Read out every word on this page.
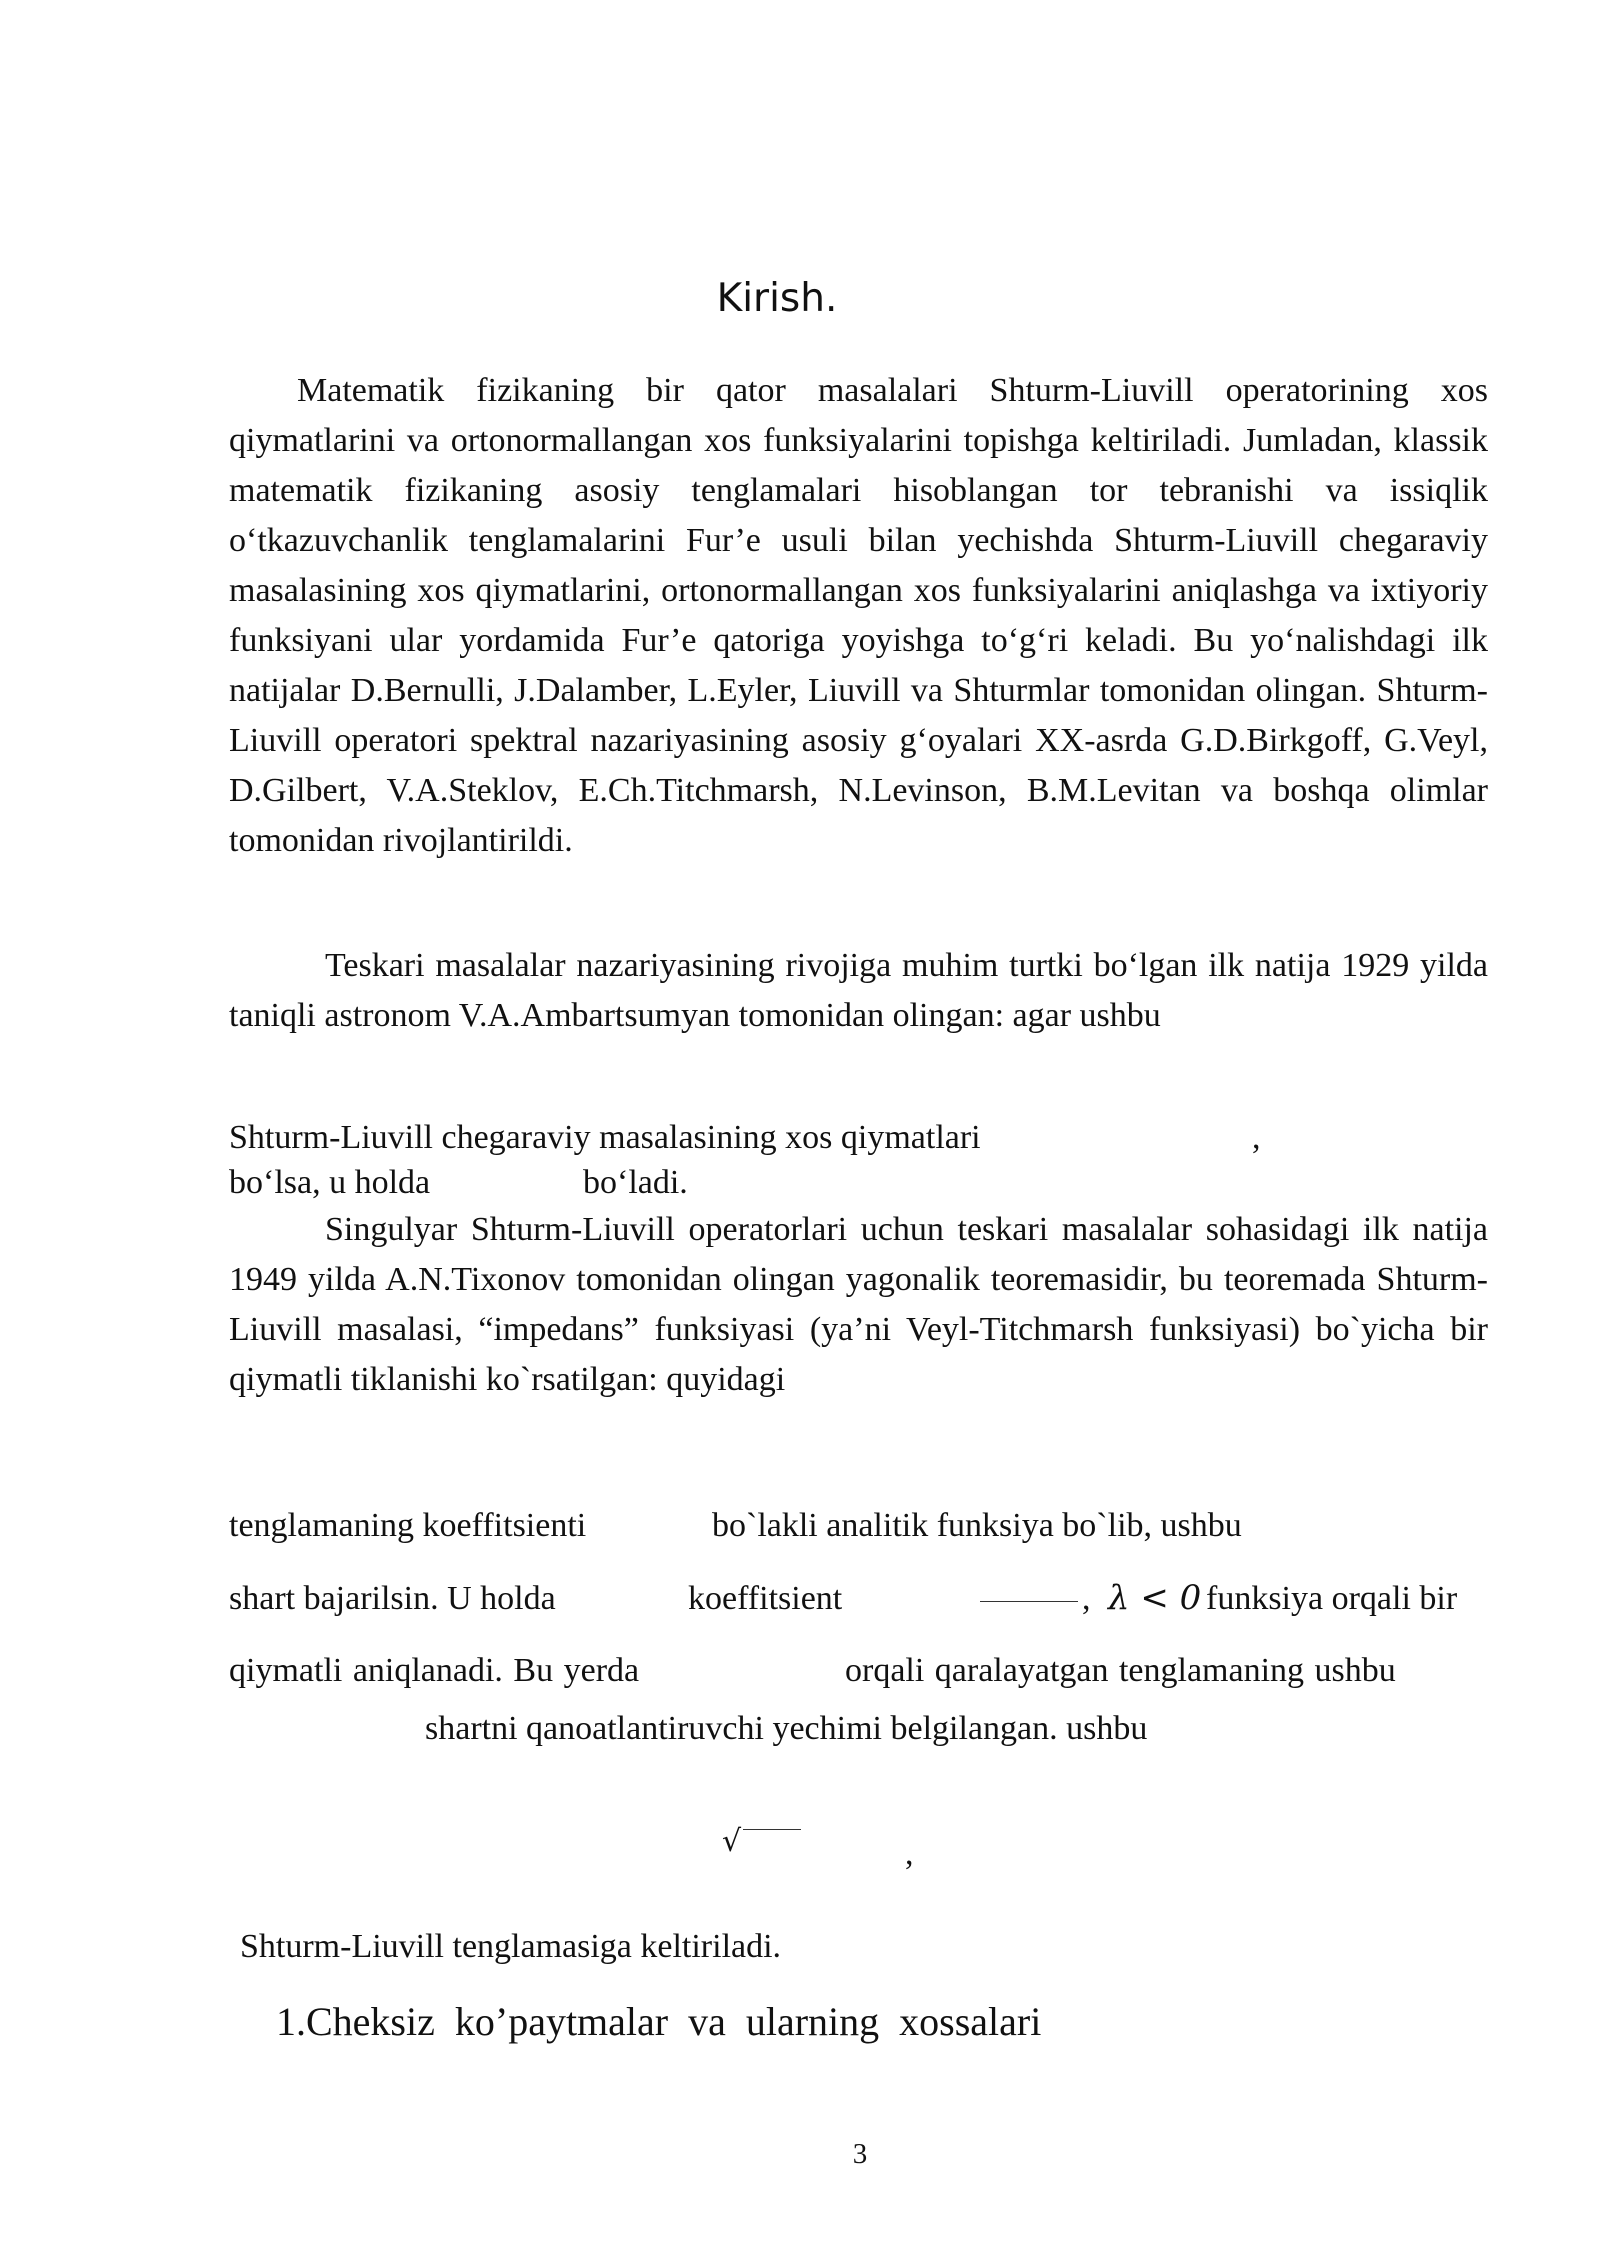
Kirish.

Matematik fizikaning bir qator masalalari Shturm-Liuvill operatorining xos qiymatlarini va ortonormallangan xos funksiyalarini topishga keltiriladi. Jumladan, klassik matematik fizikaning asosiy tenglamalari hisoblangan tor tebranishi va issiqlik o‘tkazuvchanlik tenglamalarini Fur’e usuli bilan yechishda Shturm-Liuvill chegaraviy masalasining xos qiymatlarini, ortonormallangan xos funksiyalarini aniqlashga va ixtiyoriy funksiyani ular yordamida Fur’e qatoriga yoyishga to‘g‘ri keladi. Bu yo‘nalishdagi ilk natijalar D.Bernulli, J.Dalamber, L.Eyler, Liuvill va Shturmlar tomonidan olingan. Shturm-Liuvill operatori spektral nazariyasining asosiy g‘oyalari XX-asrda G.D.Birkgoff, G.Veyl, D.Gilbert, V.A.Steklov, E.Ch.Titchmarsh, N.Levinson, B.M.Levitan va boshqa olimlar tomonidan rivojlantirildi.

Teskari masalalar nazariyasining rivojiga muhim turtki bo‘lgan ilk natija 1929 yilda taniqli astronom V.A.Ambartsumyan tomonidan olingan: agar ushbu

Shturm-Liuvill chegaraviy masalasining xos qiymatlari	,
bo‘lsa, u holda	bo‘ladi.

Singulyar Shturm-Liuvill operatorlari uchun teskari masalalar sohasidagi ilk natija 1949 yilda A.N.Tixonov tomonidan olingan yagonalik teoremasidir, bu teoremada Shturm-Liuvill masalasi, “impedans” funksiyasi (ya’ni Veyl-Titchmarsh funksiyasi) bo`yicha bir qiymatli tiklanishi ko`rsatilgan: quyidagi

tenglamaning koeffitsienti	bo`lakli analitik funksiya bo`lib, ushbu
shart bajarilsin. U holda	koeffitsient	, λ < 0 funksiya orqali bir
qiymatli aniqlanadi. Bu yerda	orqali qaralayatgan tenglamaning ushbu
shartni qanoatlantiruvchi yechimi belgilangan. ushbu
√	,
Shturm-Liuvill tenglamasiga keltiriladi.
1.Cheksiz ko’paytmalar va ularning xossalari
3
